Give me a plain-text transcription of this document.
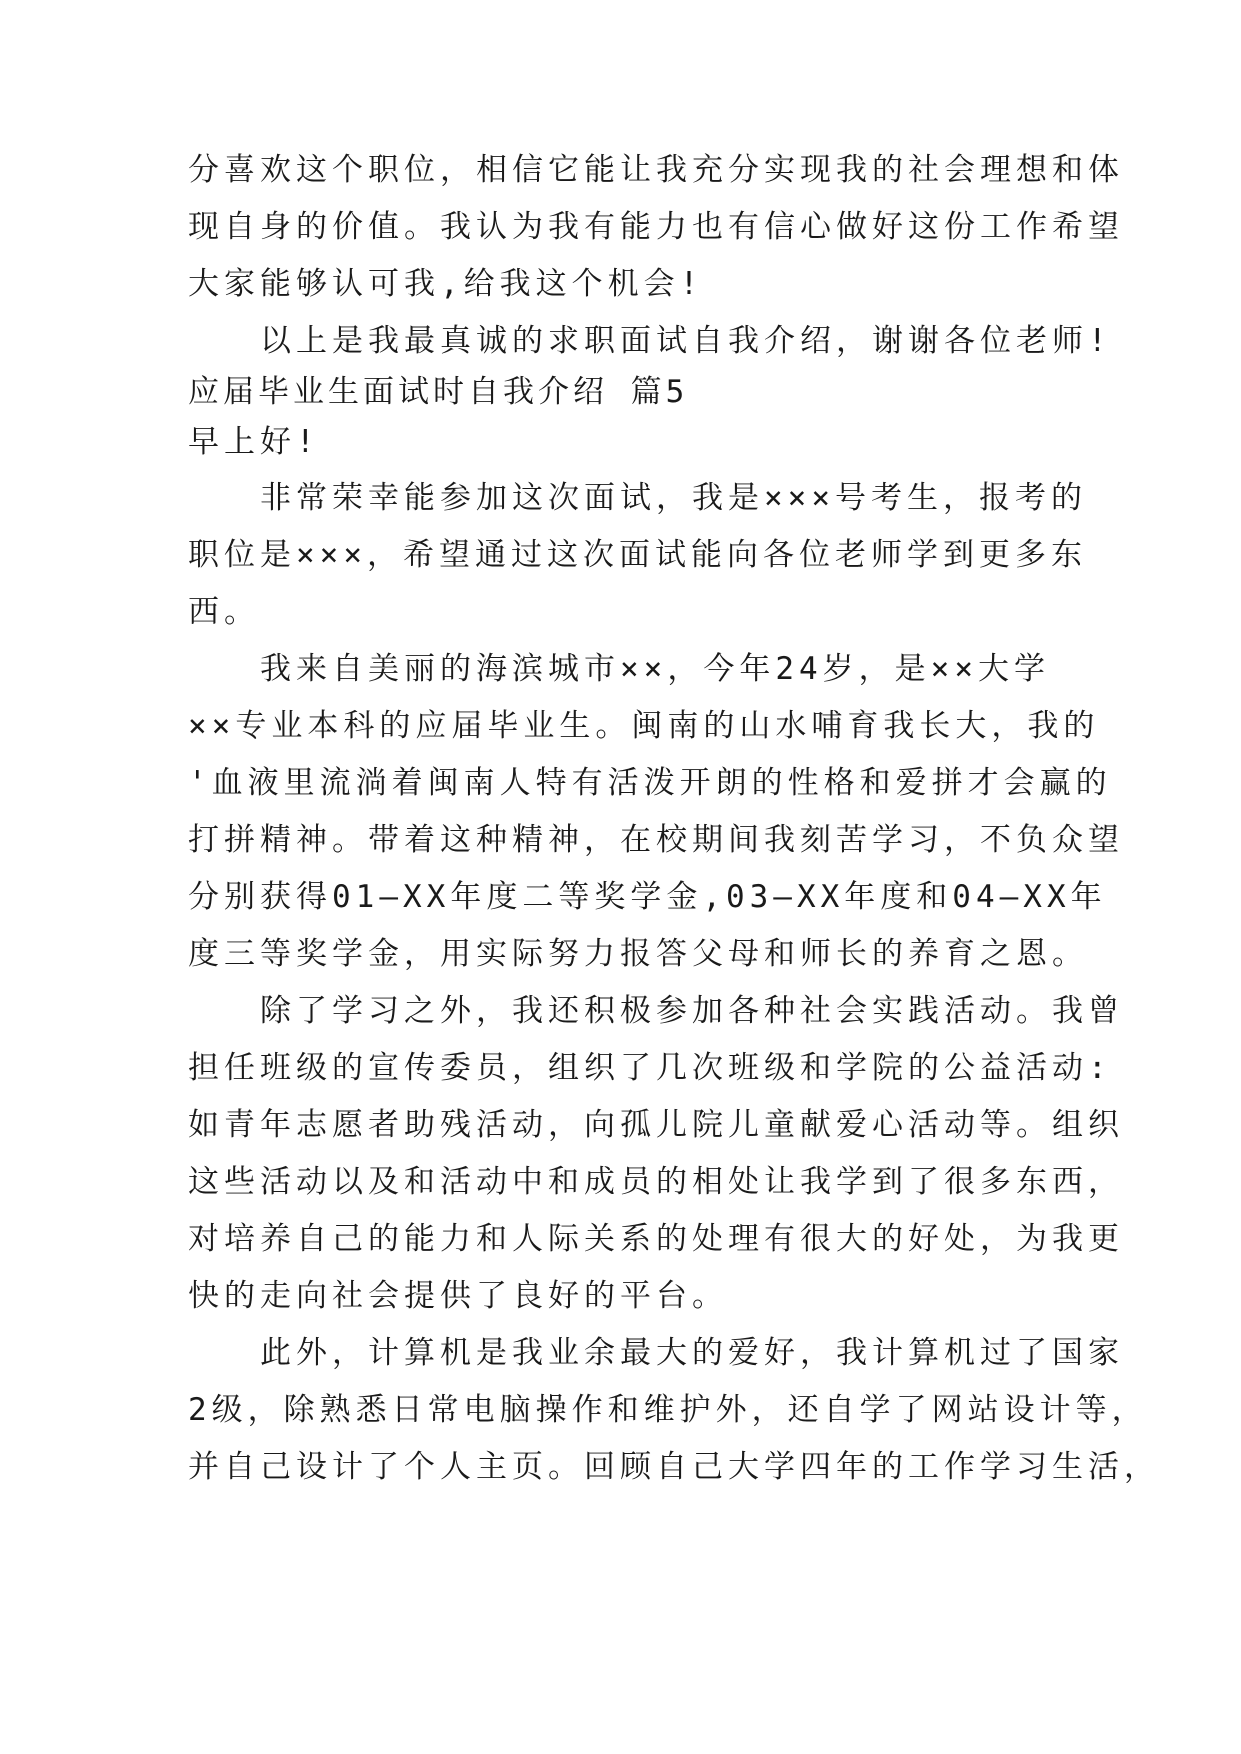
分喜欢这个职位，相信它能让我充分实现我的社会理想和体
现自身的价值。我认为我有能力也有信心做好这份工作希望
大家能够认可我,给我这个机会!
　　以上是我最真诚的求职面试自我介绍，谢谢各位老师!
应届毕业生面试时自我介绍 篇5
早上好!
　　非常荣幸能参加这次面试，我是×××号考生，报考的
职位是×××，希望通过这次面试能向各位老师学到更多东
西。
　　我来自美丽的海滨城市××，今年24岁，是××大学
××专业本科的应届毕业生。闽南的山水哺育我长大，我的
'血液里流淌着闽南人特有活泼开朗的性格和爱拼才会赢的
打拼精神。带着这种精神，在校期间我刻苦学习，不负众望
分别获得01—XX年度二等奖学金,03—XX年度和04—XX年
度三等奖学金，用实际努力报答父母和师长的养育之恩。
　　除了学习之外，我还积极参加各种社会实践活动。我曾
担任班级的宣传委员，组织了几次班级和学院的公益活动:
如青年志愿者助残活动，向孤儿院儿童献爱心活动等。组织
这些活动以及和活动中和成员的相处让我学到了很多东西，
对培养自己的能力和人际关系的处理有很大的好处，为我更
快的走向社会提供了良好的平台。
　　此外，计算机是我业余最大的爱好，我计算机过了国家
2级，除熟悉日常电脑操作和维护外，还自学了网站设计等，
并自己设计了个人主页。回顾自己大学四年的工作学习生活，
